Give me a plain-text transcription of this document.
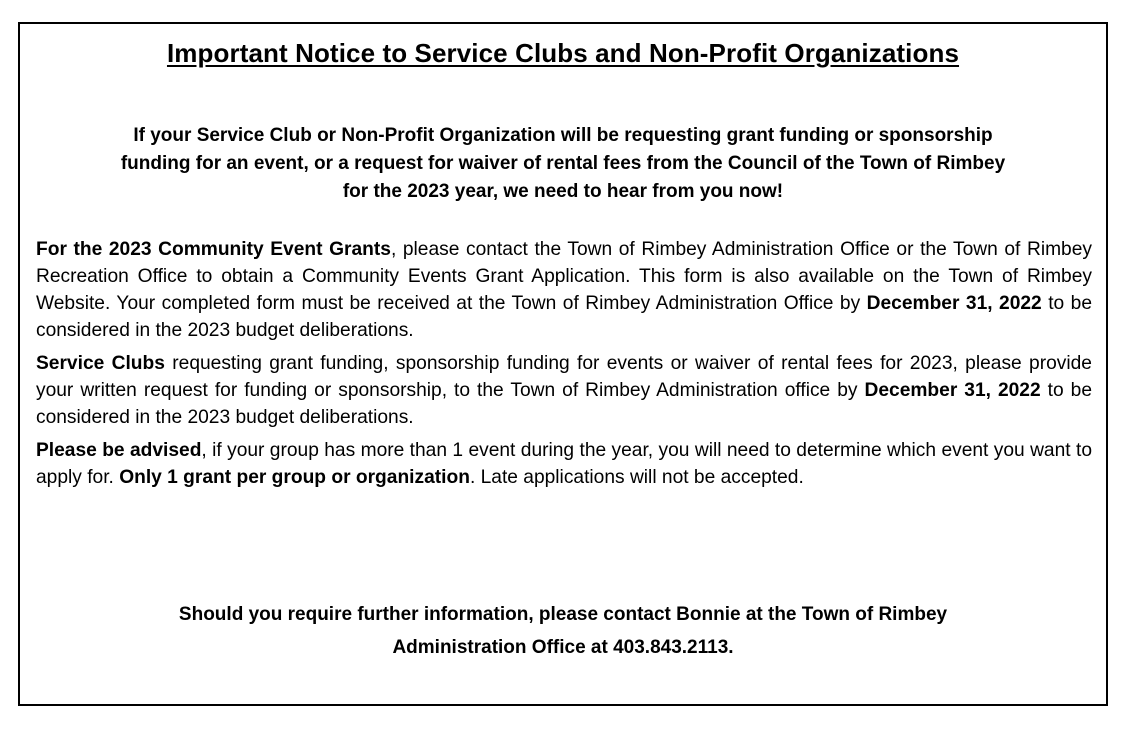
Important Notice to Service Clubs and Non-Profit Organizations

If your Service Club or Non-Profit Organization will be requesting grant funding or sponsorship
funding for an event, or a request for waiver of rental fees from the Council of the Town of Rimbey
for the 2023 year, we need to hear from you now!

For the 2023 Community Event Grants, please contact the Town of Rimbey Administration Office or the Town of Rimbey Recreation Office to obtain a Community Events Grant Application. This form is also available on the Town of Rimbey Website. Your completed form must be received at the Town of Rimbey Administration Office by December 31, 2022 to be considered in the 2023 budget deliberations.

Service Clubs requesting grant funding, sponsorship funding for events or waiver of rental fees for 2023, please provide your written request for funding or sponsorship, to the Town of Rimbey Administration office by December 31, 2022 to be considered in the 2023 budget deliberations.

Please be advised, if your group has more than 1 event during the year, you will need to determine which event you want to apply for. Only 1 grant per group or organization. Late applications will not be accepted.

Should you require further information, please contact Bonnie at the Town of Rimbey
Administration Office at 403.843.2113.
